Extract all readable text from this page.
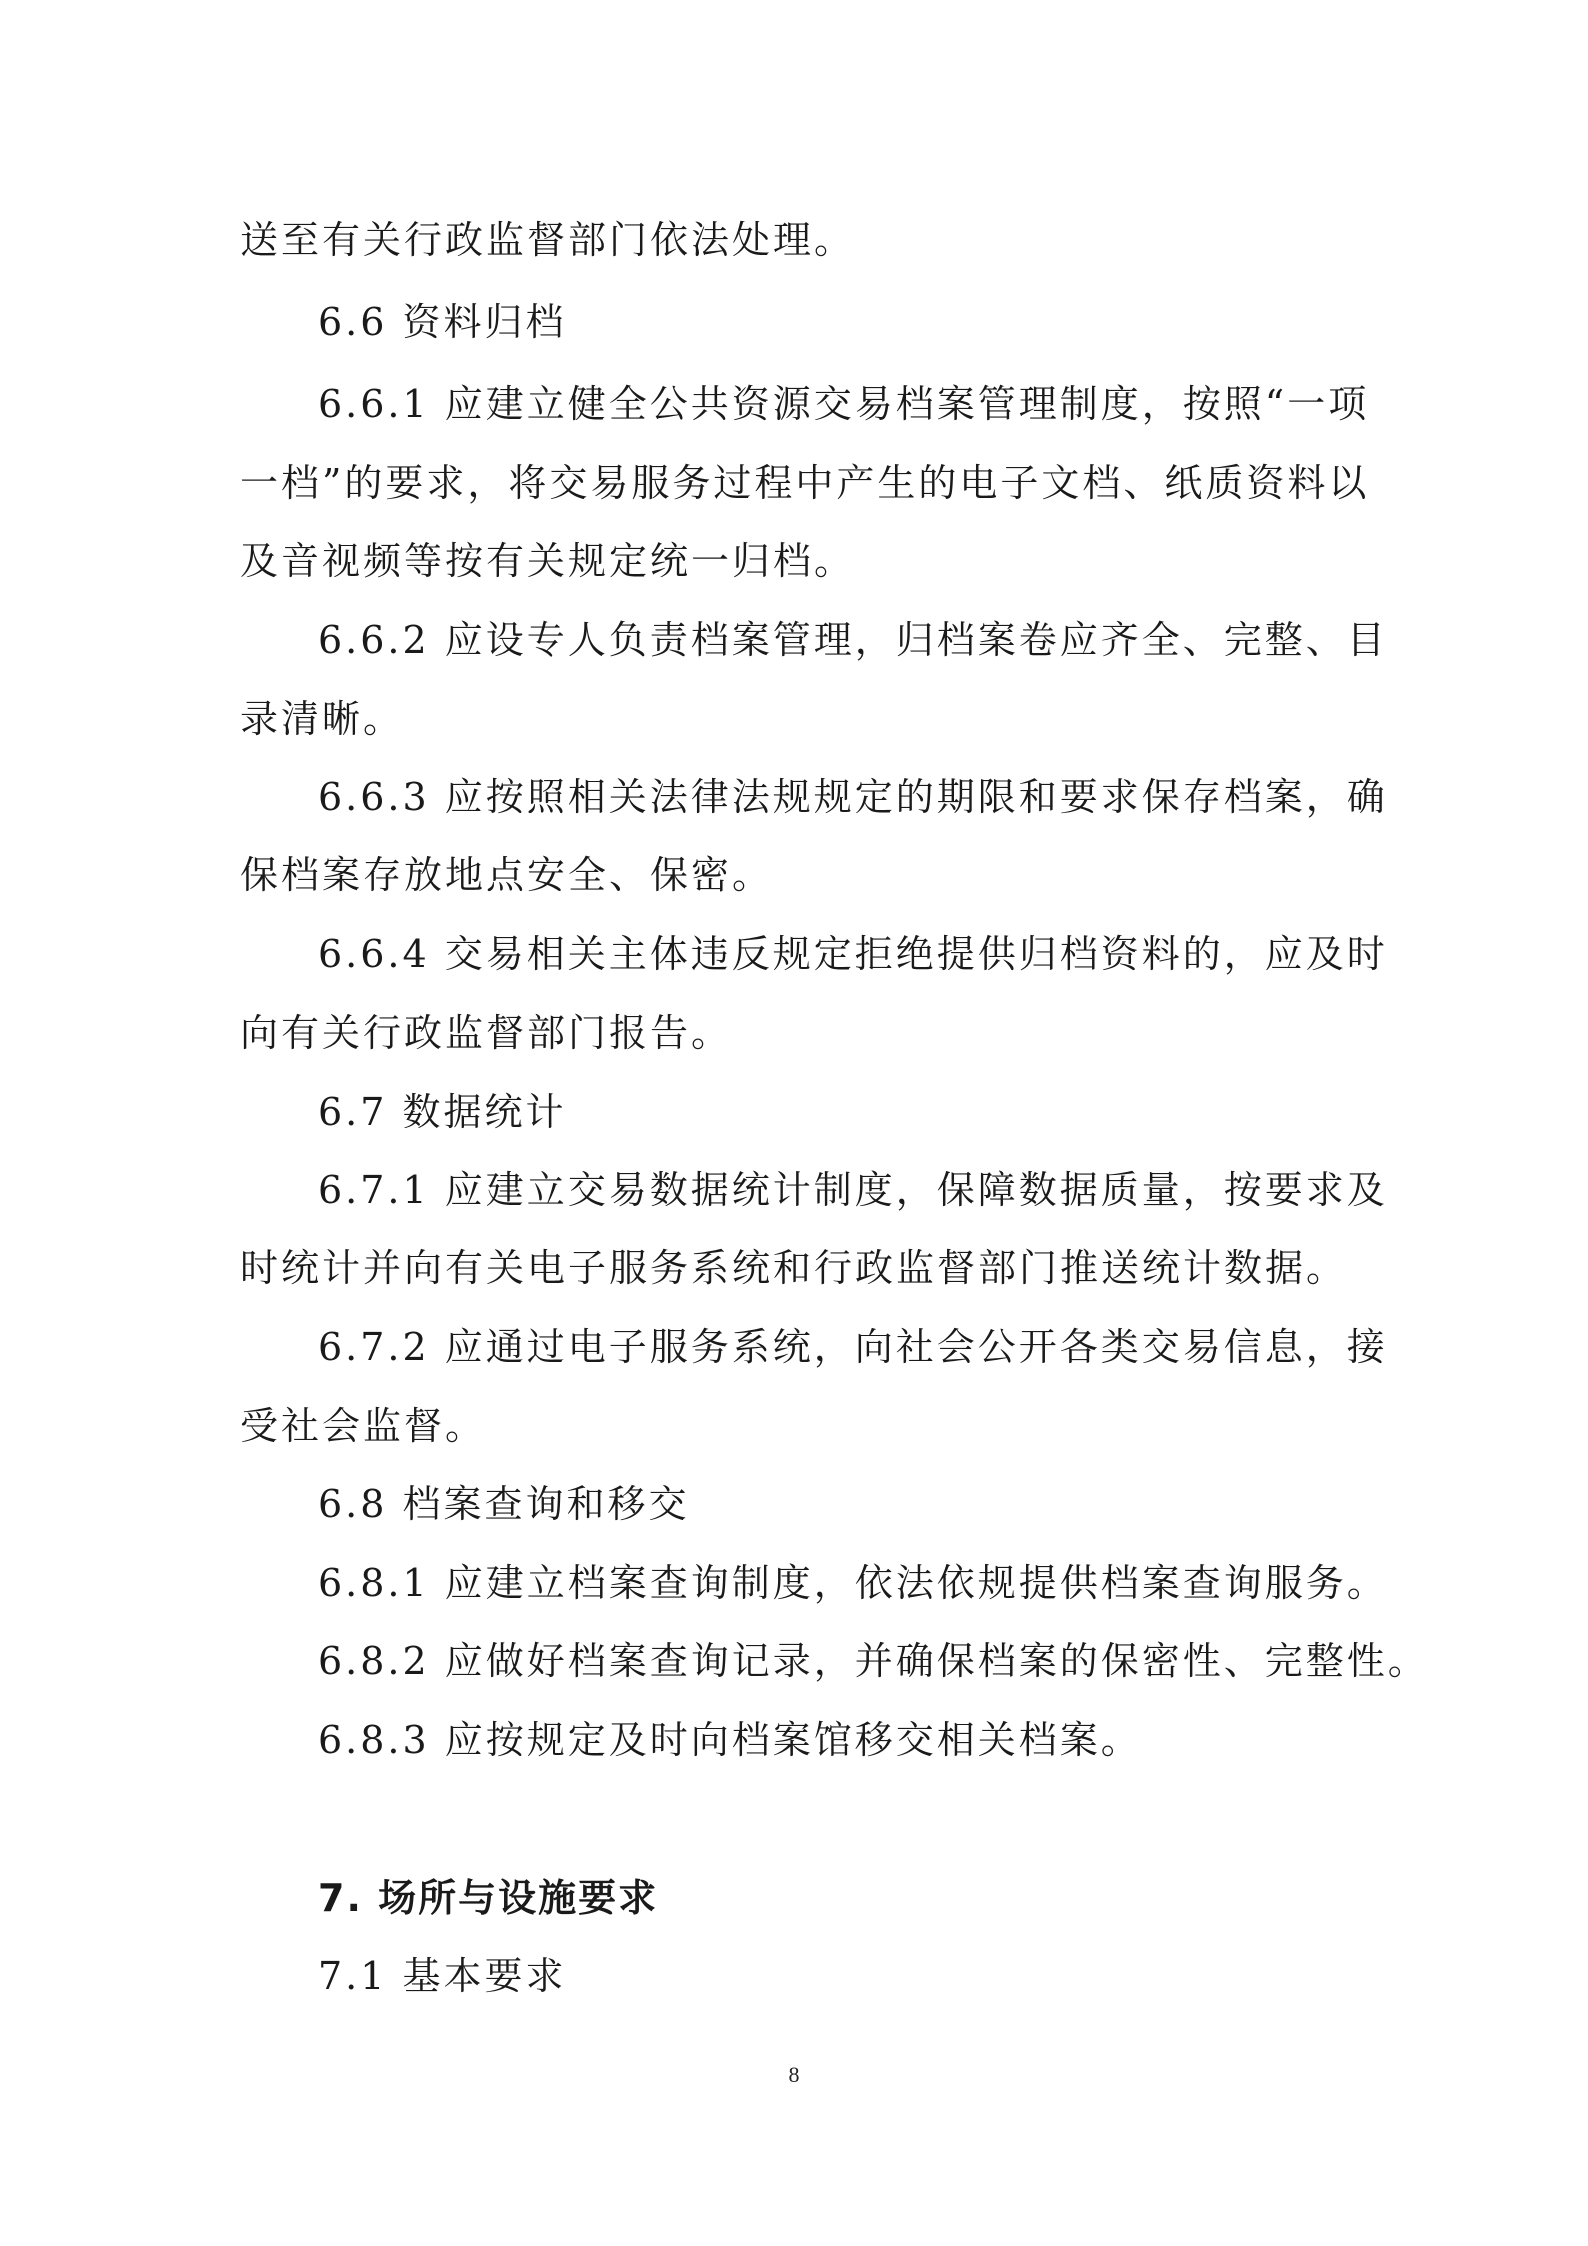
送至有关行政监督部门依法处理。
6.6 资料归档
6.6.1 应建立健全公共资源交易档案管理制度，按照“一项
一档”的要求，将交易服务过程中产生的电子文档、纸质资料以
及音视频等按有关规定统一归档。
6.6.2 应设专人负责档案管理，归档案卷应齐全、完整、目
录清晰。
6.6.3 应按照相关法律法规规定的期限和要求保存档案，确
保档案存放地点安全、保密。
6.6.4 交易相关主体违反规定拒绝提供归档资料的，应及时
向有关行政监督部门报告。
6.7 数据统计
6.7.1 应建立交易数据统计制度，保障数据质量，按要求及
时统计并向有关电子服务系统和行政监督部门推送统计数据。
6.7.2 应通过电子服务系统，向社会公开各类交易信息，接
受社会监督。
6.8 档案查询和移交
6.8.1 应建立档案查询制度，依法依规提供档案查询服务。
6.8.2 应做好档案查询记录，并确保档案的保密性、完整性。
6.8.3 应按规定及时向档案馆移交相关档案。
7. 场所与设施要求
7.1 基本要求
8
